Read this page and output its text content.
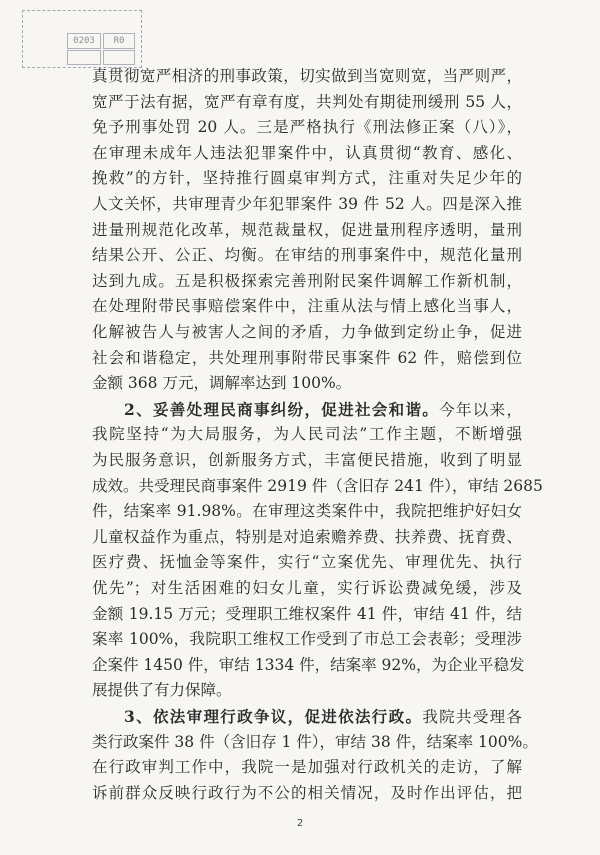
0203	R0
真贯彻宽严相济的刑事政策，切实做到当宽则宽，当严则严，
宽严于法有据，宽严有章有度，共判处有期徒刑缓刑 55 人，
免予刑事处罚 20 人。三是严格执行《刑法修正案（八）》，
在审理未成年人违法犯罪案件中，认真贯彻“教育、感化、
挽救”的方针，坚持推行圆桌审判方式，注重对失足少年的
人文关怀，共审理青少年犯罪案件 39 件 52 人。四是深入推
进量刑规范化改革，规范裁量权，促进量刑程序透明，量刑
结果公开、公正、均衡。在审结的刑事案件中，规范化量刑
达到九成。五是积极探索完善刑附民案件调解工作新机制，
在处理附带民事赔偿案件中，注重从法与情上感化当事人，
化解被告人与被害人之间的矛盾，力争做到定纷止争，促进
社会和谐稳定，共处理刑事附带民事案件 62 件，赔偿到位
金额 368 万元，调解率达到 100%。
2、妥善处理民商事纠纷，促进社会和谐。今年以来，
我院坚持“为大局服务，为人民司法”工作主题，不断增强
为民服务意识，创新服务方式，丰富便民措施，收到了明显
成效。共受理民商事案件 2919 件（含旧存 241 件），审结 2685
件，结案率 91.98%。在审理这类案件中，我院把维护好妇女
儿童权益作为重点，特别是对追索赡养费、扶养费、抚育费、
医疗费、抚恤金等案件，实行“立案优先、审理优先、执行
优先”；对生活困难的妇女儿童，实行诉讼费减免缓，涉及
金额 19.15 万元；受理职工维权案件 41 件，审结 41 件，结
案率 100%，我院职工维权工作受到了市总工会表彰；受理涉
企案件 1450 件，审结 1334 件，结案率 92%，为企业平稳发
展提供了有力保障。
3、依法审理行政争议，促进依法行政。我院共受理各
类行政案件 38 件（含旧存 1 件），审结 38 件，结案率 100%。
在行政审判工作中，我院一是加强对行政机关的走访，了解
诉前群众反映行政行为不公的相关情况，及时作出评估，把
2
